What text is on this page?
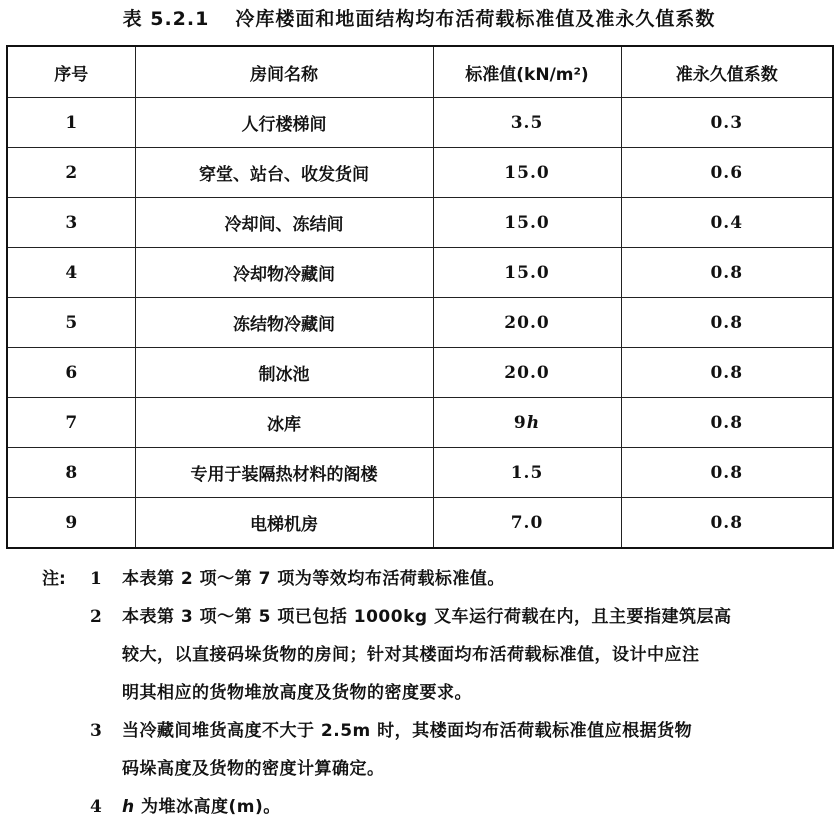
表 5.2.1 冷库楼面和地面结构均布活荷载标准值及准永久值系数
序号	房间名称	标准值(kN/m²)	准永久值系数
1	人行楼梯间	3.5	0.3
2	穿堂、站台、收发货间	15.0	0.6
3	冷却间、冻结间	15.0	0.4
4	冷却物冷藏间	15.0	0.8
5	冻结物冷藏间	20.0	0.8
6	制冰池	20.0	0.8
7	冰库	9h	0.8
8	专用于装隔热材料的阁楼	1.5	0.8
9	电梯机房	7.0	0.8
注: 1 本表第 2 项～第 7 项为等效均布活荷载标准值。
2 本表第 3 项～第 5 项已包括 1000kg 叉车运行荷载在内，且主要指建筑层高
较大，以直接码垛货物的房间；针对其楼面均布活荷载标准值，设计中应注
明其相应的货物堆放高度及货物的密度要求。
3 当冷藏间堆货高度不大于 2.5m 时，其楼面均布活荷载标准值应根据货物
码垛高度及货物的密度计算确定。
4 h 为堆冰高度(m)。
